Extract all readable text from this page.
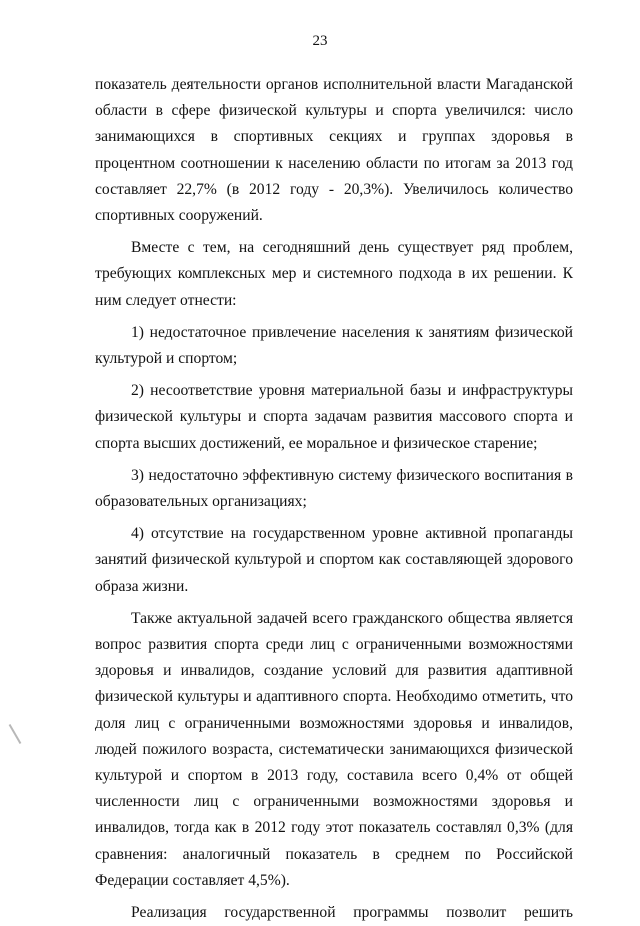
23

показатель деятельности органов исполнительной власти Магаданской области в сфере физической культуры и спорта увеличился: число занимающихся в спортивных секциях и группах здоровья в процентном соотношении к населению области по итогам за 2013 год составляет 22,7% (в 2012 году - 20,3%). Увеличилось количество спортивных сооружений.

Вместе с тем, на сегодняшний день существует ряд проблем, требующих комплексных мер и системного подхода в их решении. К ним следует отнести:

1) недостаточное привлечение населения к занятиям физической культурой и спортом;

2) несоответствие уровня материальной базы и инфраструктуры физической культуры и спорта задачам развития массового спорта и спорта высших достижений, ее моральное и физическое старение;

3) недостаточно эффективную систему физического воспитания в образовательных организациях;

4) отсутствие на государственном уровне активной пропаганды занятий физической культурой и спортом как составляющей здорового образа жизни.

Также актуальной задачей всего гражданского общества является вопрос развития спорта среди лиц с ограниченными возможностями здоровья и инвалидов, создание условий для развития адаптивной физической культуры и адаптивного спорта. Необходимо отметить, что доля лиц с ограниченными возможностями здоровья и инвалидов, людей пожилого возраста, систематически занимающихся физической культурой и спортом в 2013 году, составила всего 0,4% от общей численности лиц с ограниченными возможностями здоровья и инвалидов, тогда как в 2012 году этот показатель составлял 0,3% (для сравнения: аналогичный показатель в среднем по Российской Федерации составляет 4,5%).

Реализация государственной программы позволит решить
